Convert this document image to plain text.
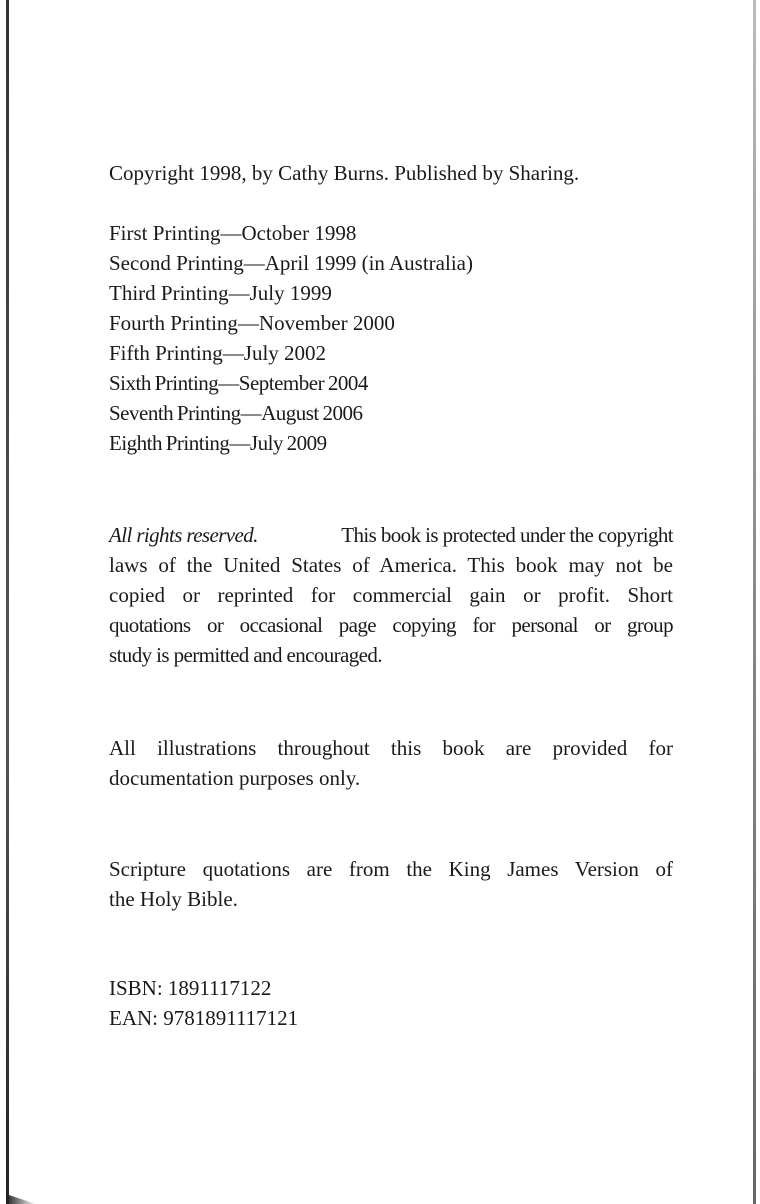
Copyright 1998, by Cathy Burns. Published by Sharing.
First Printing—October 1998
Second Printing—April 1999 (in Australia)
Third Printing—July 1999
Fourth Printing—November 2000
Fifth Printing—July 2002
Sixth Printing—September 2004
Seventh Printing—August 2006
Eighth Printing—July 2009
All rights reserved.	This book is protected under the copyright
laws of the United States of America. This book may not be
copied or reprinted for commercial gain or profit. Short
quotations or occasional page copying for personal or group
study is permitted and encouraged.
All illustrations throughout this book are provided for
documentation purposes only.
Scripture quotations are from the King James Version of
the Holy Bible.
ISBN: 1891117122
EAN: 9781891117121
